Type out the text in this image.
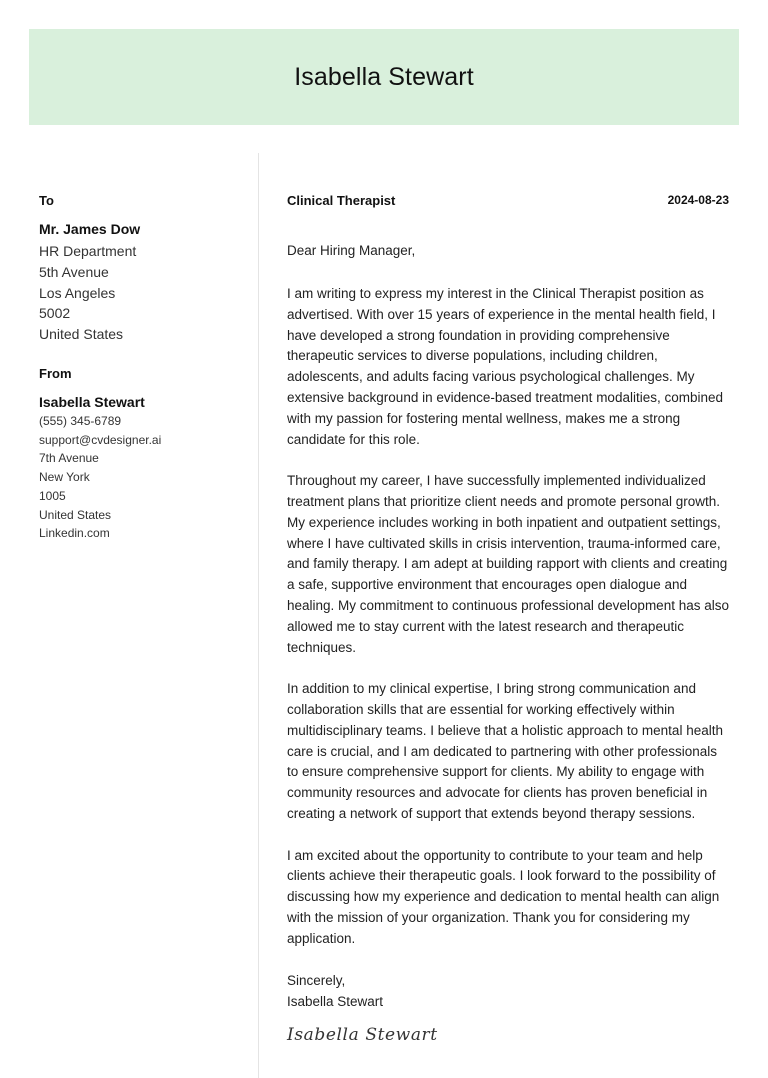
Isabella Stewart
To
Mr. James Dow
HR Department
5th Avenue
Los Angeles
5002
United States
From
Isabella Stewart
(555) 345-6789
support@cvdesigner.ai
7th Avenue
New York
1005
United States
Linkedin.com
Clinical Therapist	2024-08-23
Dear Hiring Manager,

I am writing to express my interest in the Clinical Therapist position as advertised. With over 15 years of experience in the mental health field, I have developed a strong foundation in providing comprehensive therapeutic services to diverse populations, including children, adolescents, and adults facing various psychological challenges. My extensive background in evidence-based treatment modalities, combined with my passion for fostering mental wellness, makes me a strong candidate for this role.

Throughout my career, I have successfully implemented individualized treatment plans that prioritize client needs and promote personal growth. My experience includes working in both inpatient and outpatient settings, where I have cultivated skills in crisis intervention, trauma-informed care, and family therapy. I am adept at building rapport with clients and creating a safe, supportive environment that encourages open dialogue and healing. My commitment to continuous professional development has also allowed me to stay current with the latest research and therapeutic techniques.

In addition to my clinical expertise, I bring strong communication and collaboration skills that are essential for working effectively within multidisciplinary teams. I believe that a holistic approach to mental health care is crucial, and I am dedicated to partnering with other professionals to ensure comprehensive support for clients. My ability to engage with community resources and advocate for clients has proven beneficial in creating a network of support that extends beyond therapy sessions.

I am excited about the opportunity to contribute to your team and help clients achieve their therapeutic goals. I look forward to the possibility of discussing how my experience and dedication to mental health can align with the mission of your organization. Thank you for considering my application.

Sincerely,
Isabella Stewart
Isabella Stewart
